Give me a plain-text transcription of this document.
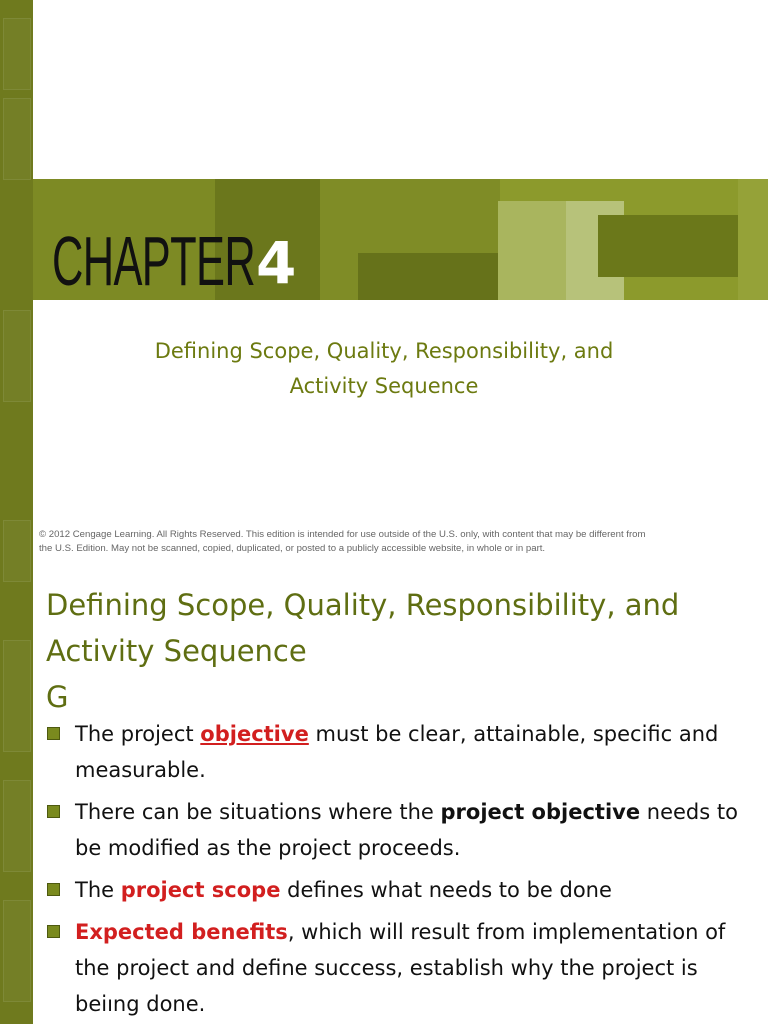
CHAPTER 4
Defining Scope, Quality, Responsibility, and
Activity Sequence
© 2012 Cengage Learning. All Rights Reserved. This edition is intended for use outside of the U.S. only, with content that may be different from
the U.S. Edition. May not be scanned, copied, duplicated, or posted to a publicly accessible website, in whole or in part.
Defining Scope, Quality, Responsibility, and
Activity Sequence
G
The project objective must be clear, attainable, specific and measurable.
There can be situations where the project objective needs to be modified as the project proceeds.
The project scope defines what needs to be done
Expected benefits, which will result from implementation of the project and define success, establish why the project is beiıng done.
